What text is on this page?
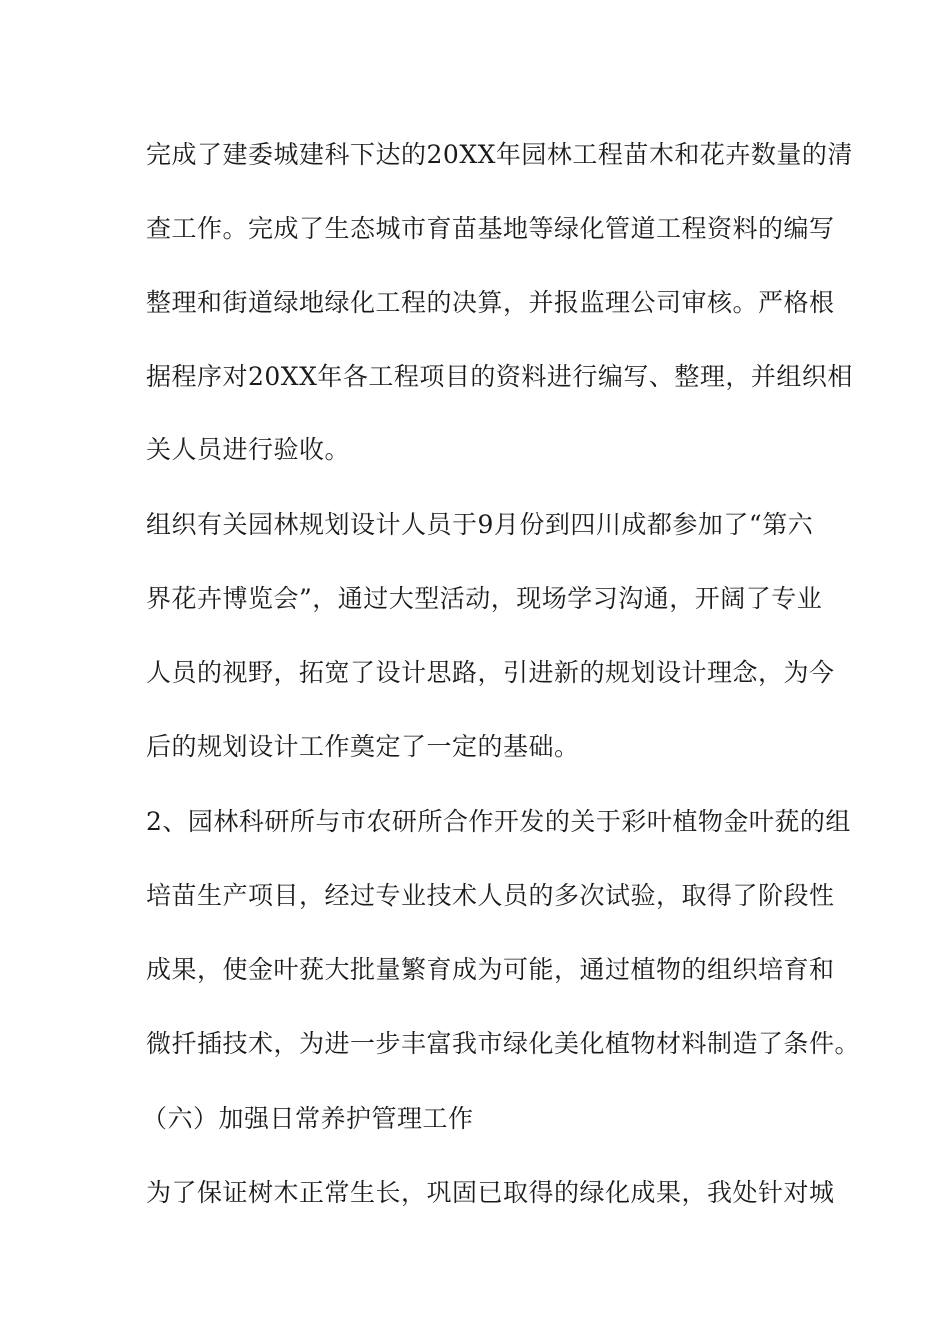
完成了建委城建科下达的20XX年园林工程苗木和花卉数量的清
查工作。完成了生态城市育苗基地等绿化管道工程资料的编写
整理和街道绿地绿化工程的决算，并报监理公司审核。严格根
据程序对20XX年各工程项目的资料进行编写、整理，并组织相
关人员进行验收。
组织有关园林规划设计人员于9月份到四川成都参加了“第六
界花卉博览会”，通过大型活动，现场学习沟通，开阔了专业
人员的视野，拓宽了设计思路，引进新的规划设计理念，为今
后的规划设计工作奠定了一定的基础。
2、园林科研所与市农研所合作开发的关于彩叶植物金叶莸的组
培苗生产项目，经过专业技术人员的多次试验，取得了阶段性
成果，使金叶莸大批量繁育成为可能，通过植物的组织培育和
微扦插技术，为进一步丰富我市绿化美化植物材料制造了条件。
（六）加强日常养护管理工作
为了保证树木正常生长，巩固已取得的绿化成果，我处针对城
